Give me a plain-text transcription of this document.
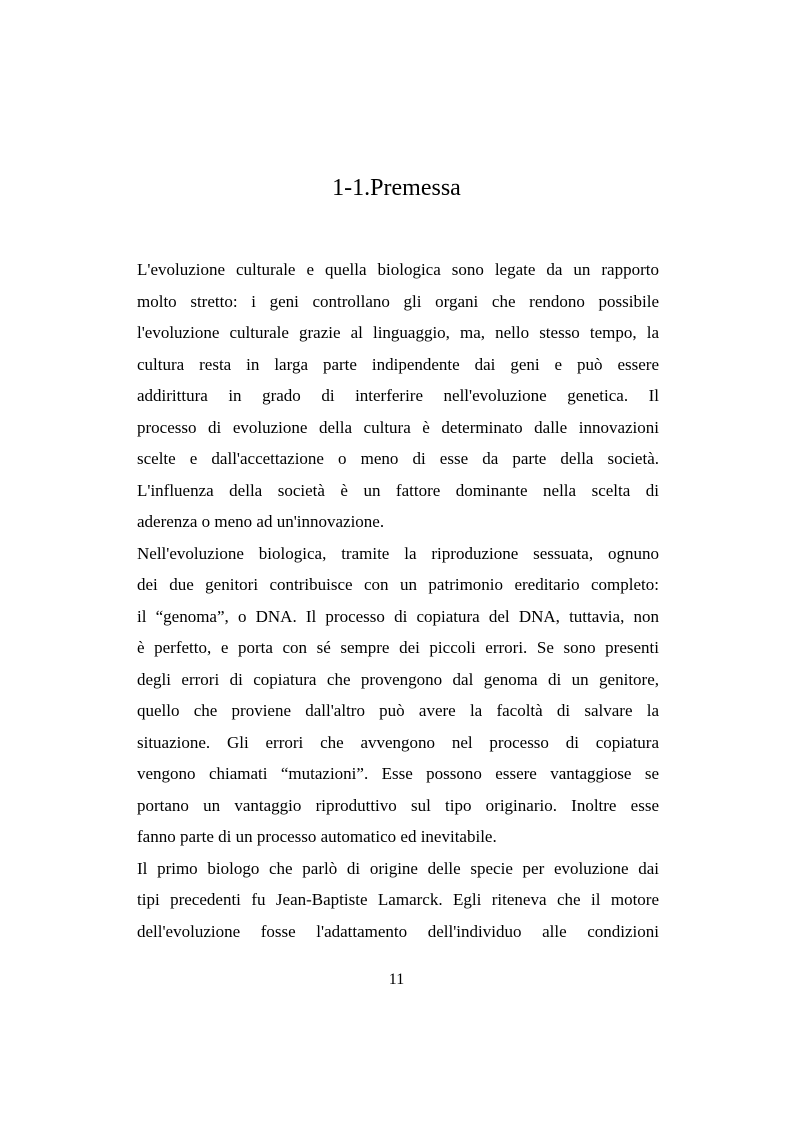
1-1.Premessa
L'evoluzione culturale e quella biologica sono legate da un rapporto
molto stretto: i geni controllano gli organi che rendono possibile
l'evoluzione culturale grazie al linguaggio, ma, nello stesso tempo, la
cultura resta in larga parte indipendente dai geni e può essere
addirittura in grado di interferire nell'evoluzione genetica. Il
processo di evoluzione della cultura è determinato dalle innovazioni
scelte e dall'accettazione o meno di esse da parte della società.
L'influenza della società è un fattore dominante nella scelta di
aderenza o meno ad un'innovazione.
Nell'evoluzione biologica, tramite la riproduzione sessuata, ognuno
dei due genitori contribuisce con un patrimonio ereditario completo:
il “genoma”, o DNA. Il processo di copiatura del DNA, tuttavia, non
è perfetto, e porta con sé sempre dei piccoli errori. Se sono presenti
degli errori di copiatura che provengono dal genoma di un genitore,
quello che proviene dall'altro può avere la facoltà di salvare la
situazione. Gli errori che avvengono nel processo di copiatura
vengono chiamati “mutazioni”. Esse possono essere vantaggiose se
portano un vantaggio riproduttivo sul tipo originario. Inoltre esse
fanno parte di un processo automatico ed inevitabile.
Il primo biologo che parlò di origine delle specie per evoluzione dai
tipi precedenti fu Jean-Baptiste Lamarck. Egli riteneva che il motore
dell'evoluzione fosse l'adattamento dell'individuo alle condizioni
11
